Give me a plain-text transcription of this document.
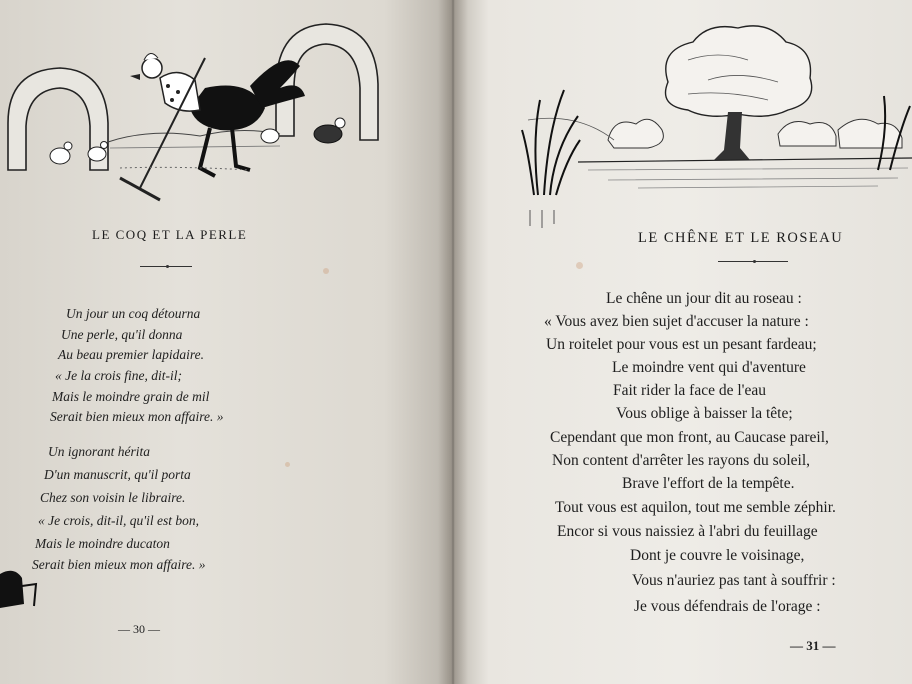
LE COQ ET LA PERLE
Un jour un coq détourna
Une perle, qu'il donna
Au beau premier lapidaire.
« Je la crois fine, dit-il;
Mais le moindre grain de mil
Serait bien mieux mon affaire. »
Un ignorant hérita
D'un manuscrit, qu'il porta
Chez son voisin le libraire.
« Je crois, dit-il, qu'il est bon,
Mais le moindre ducaton
Serait bien mieux mon affaire. »
— 30 —
LE CHÊNE ET LE ROSEAU
Le chêne un jour dit au roseau :
« Vous avez bien sujet d'accuser la nature :
Un roitelet pour vous est un pesant fardeau;
Le moindre vent qui d'aventure
Fait rider la face de l'eau
Vous oblige à baisser la tête;
Cependant que mon front, au Caucase pareil,
Non content d'arrêter les rayons du soleil,
Brave l'effort de la tempête.
Tout vous est aquilon, tout me semble zéphir.
Encor si vous naissiez à l'abri du feuillage
Dont je couvre le voisinage,
Vous n'auriez pas tant à souffrir :
Je vous défendrais de l'orage :
— 31 —
